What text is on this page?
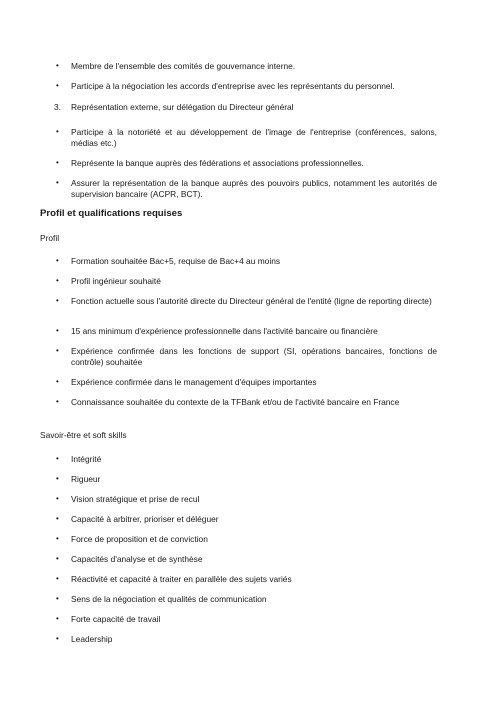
•	Membre de l'ensemble des comités de gouvernance interne.
•	Participe à la négociation les accords d'entreprise avec les représentants du personnel.
3. Représentation externe, sur délégation du Directeur général
•	Participe à la notoriété et au développement de l'image de l'entreprise (conférences, salons, médias etc.)
•	Représente la banque auprès des fédérations et associations professionnelles.
•	Assurer la représentation de la banque auprès des pouvoirs publics, notamment les autorités de supervision bancaire (ACPR, BCT).
Profil et qualifications requises
Profil
•	Formation souhaitée Bac+5, requise de Bac+4 au moins
•	Profil ingénieur souhaité
•	Fonction actuelle sous l'autorité directe du Directeur général de l'entité (ligne de reporting directe)
•	15 ans minimum d'expérience professionnelle dans l'activité bancaire ou financière
•	Expérience confirmée dans les fonctions de support (SI, opérations bancaires, fonctions de contrôle) souhaitée
•	Expérience confirmée dans le management d'équipes importantes
•	Connaissance souhaitée du contexte de la TFBank et/ou de l'activité bancaire en France
Savoir-être et soft skills
•	Intégrité
•	Rigueur
•	Vision stratégique et prise de recul
•	Capacité à arbitrer, prioriser et déléguer
•	Force de proposition et de conviction
•	Capacités d'analyse et de synthèse
•	Réactivité et capacité à traiter en parallèle des sujets variés
•	Sens de la négociation et qualités de communication
•	Forte capacité de travail
•	Leadership
